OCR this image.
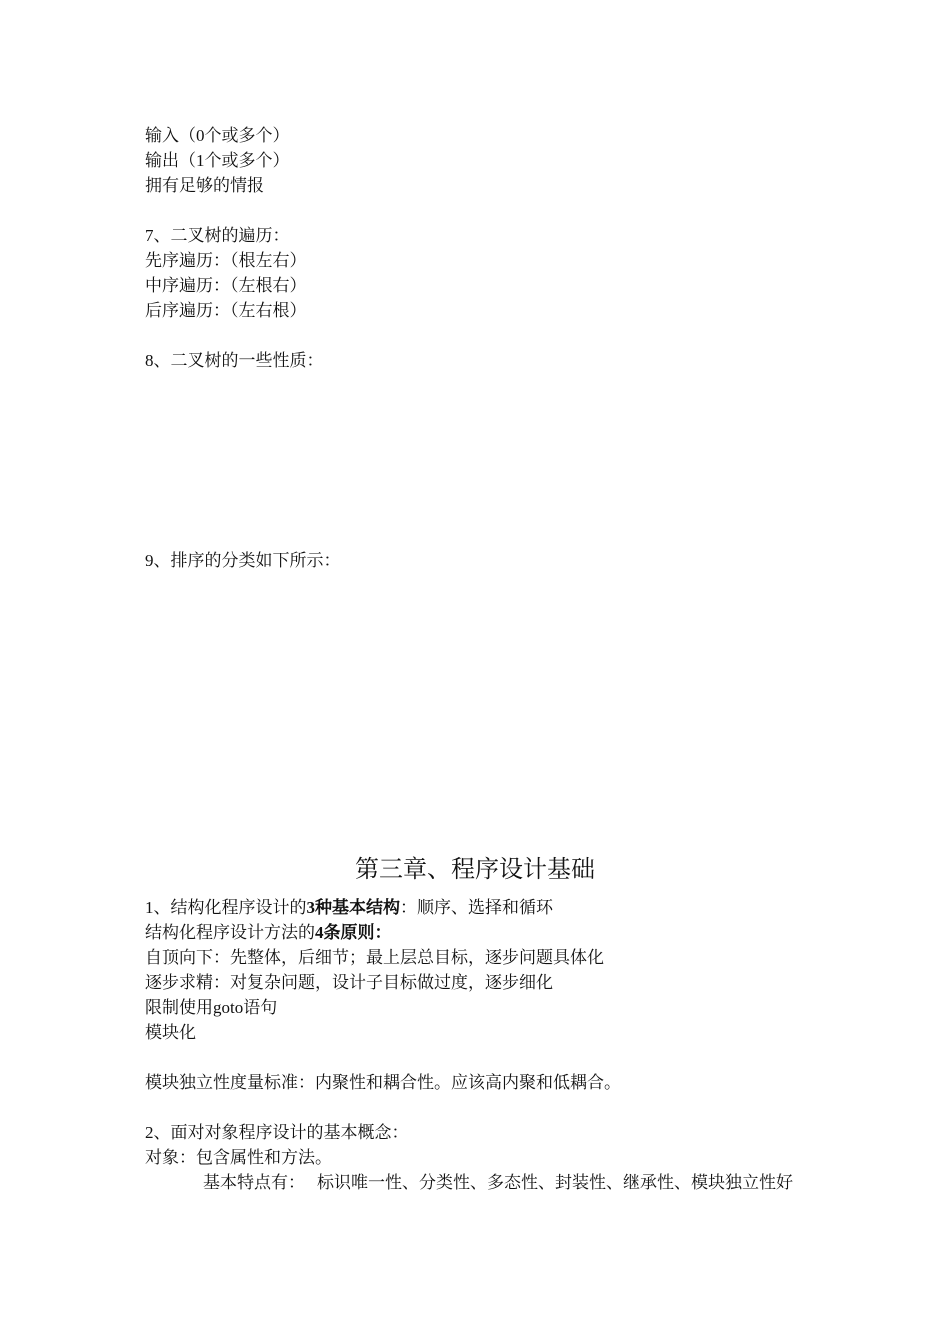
输入（0个或多个）
输出（1个或多个）
拥有足够的情报
7、二叉树的遍历：
先序遍历：（根左右）
中序遍历：（左根右）
后序遍历：（左右根）
8、二叉树的一些性质：
9、排序的分类如下所示：
第三章、程序设计基础
1、结构化程序设计的3种基本结构：顺序、选择和循环
结构化程序设计方法的4条原则：
自顶向下：先整体，后细节；最上层总目标，逐步问题具体化
逐步求精：对复杂问题，设计子目标做过度，逐步细化
限制使用goto语句
模块化
模块独立性度量标准：内聚性和耦合性。应该高内聚和低耦合。
2、面对对象程序设计的基本概念：
对象：包含属性和方法。
基本特点有： 标识唯一性、分类性、多态性、封装性、继承性、模块独立性好
